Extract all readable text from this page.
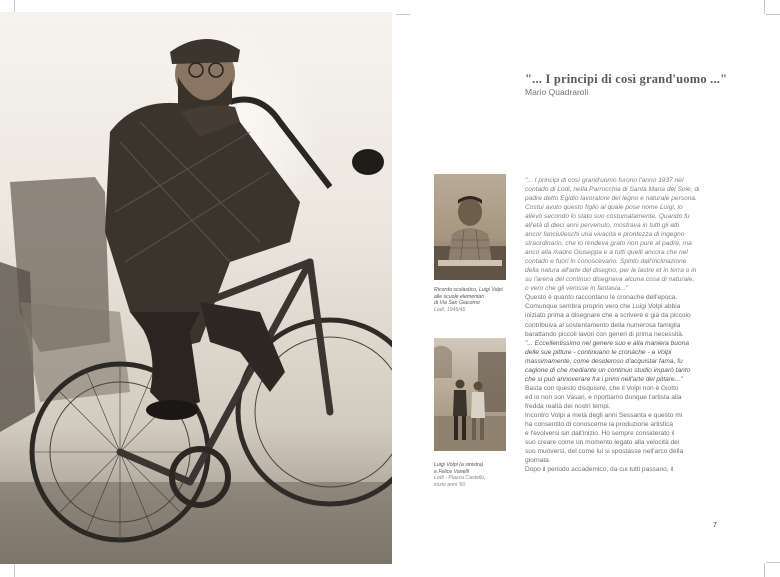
"... I principi di così grand'uomo ..."
Mario Quadraroli
Ricordo scolastico, Luigi Volpi
alle scuole elementari
di Via San Giacomo
Lodi, 1945/46
Luigi Volpi (a sinistra)
e Felice Vanelli
Lodi - Piazza Castello,
inizio anni '60
"... I principi di così grand'uomo furono l'anno 1937 nel
contado di Lodi, nella Parrocchia di Santa Maria del Sole, di
padre detto Egidio lavoratore del legno e naturale persona.
Costui avuto questo figlio al quale pose nome Luigi, lo
allevò secondo lo stato suo costumatamente. Quando fu
all'età di dieci anni pervenuto, mostrava in tutti gli atti
ancor fanciulleschi una vivacità e prontezza di ingegno
straordinario, che lo rendeva grato non pure al padre, ma
anco alla madre Giuseppa e a tutti quelli ancora che nel
contado e fuori lo conoscevano. Spinto dall'inclinazione
della natura all'arte del disegno, per le lastre et in terra o in
su l'arena del continuo disegnava alcuna cosa di naturale,
o vero che gli venisse in fantasia..."
Questo è quanto raccontano le cronache dell'epoca.
Comunque sembra proprio vero che Luigi Volpi abbia
iniziato prima a disegnare che a scrivere e già da piccolo
contribuiva al sostentamento della numerosa famiglia
barattando piccoli lavori con generi di prima necessità.
"... Eccellentissimo nel genere suo e alla maniera buona
delle sue pitture - continuano le cronache - a Volpi
massimamente, come desideroso d'acquistar fama, fu
cagione di che mediante un continuo studio imparò tanto
che si può annoverare fra i primi nell'arte del pittare..."
Basta con questo disquisire, che il Volpi non è Giotto
ed io non son Vasari, e riportiamo dunque l'artista alla
fredda realtà dei nostri tempi.
Incontro Volpi a metà degli anni Sessanta e questo mi
ha consentito di conoscerne la produzione artistica
e l'evolversi sin dall'inizio. Ho sempre considerato il
suo creare come un momento legato alla velocità del
suo muoversi, del come lui si spostasse nell'arco della
giornata.
Dopo il periodo accademico, da cui tutti passano, il
7
